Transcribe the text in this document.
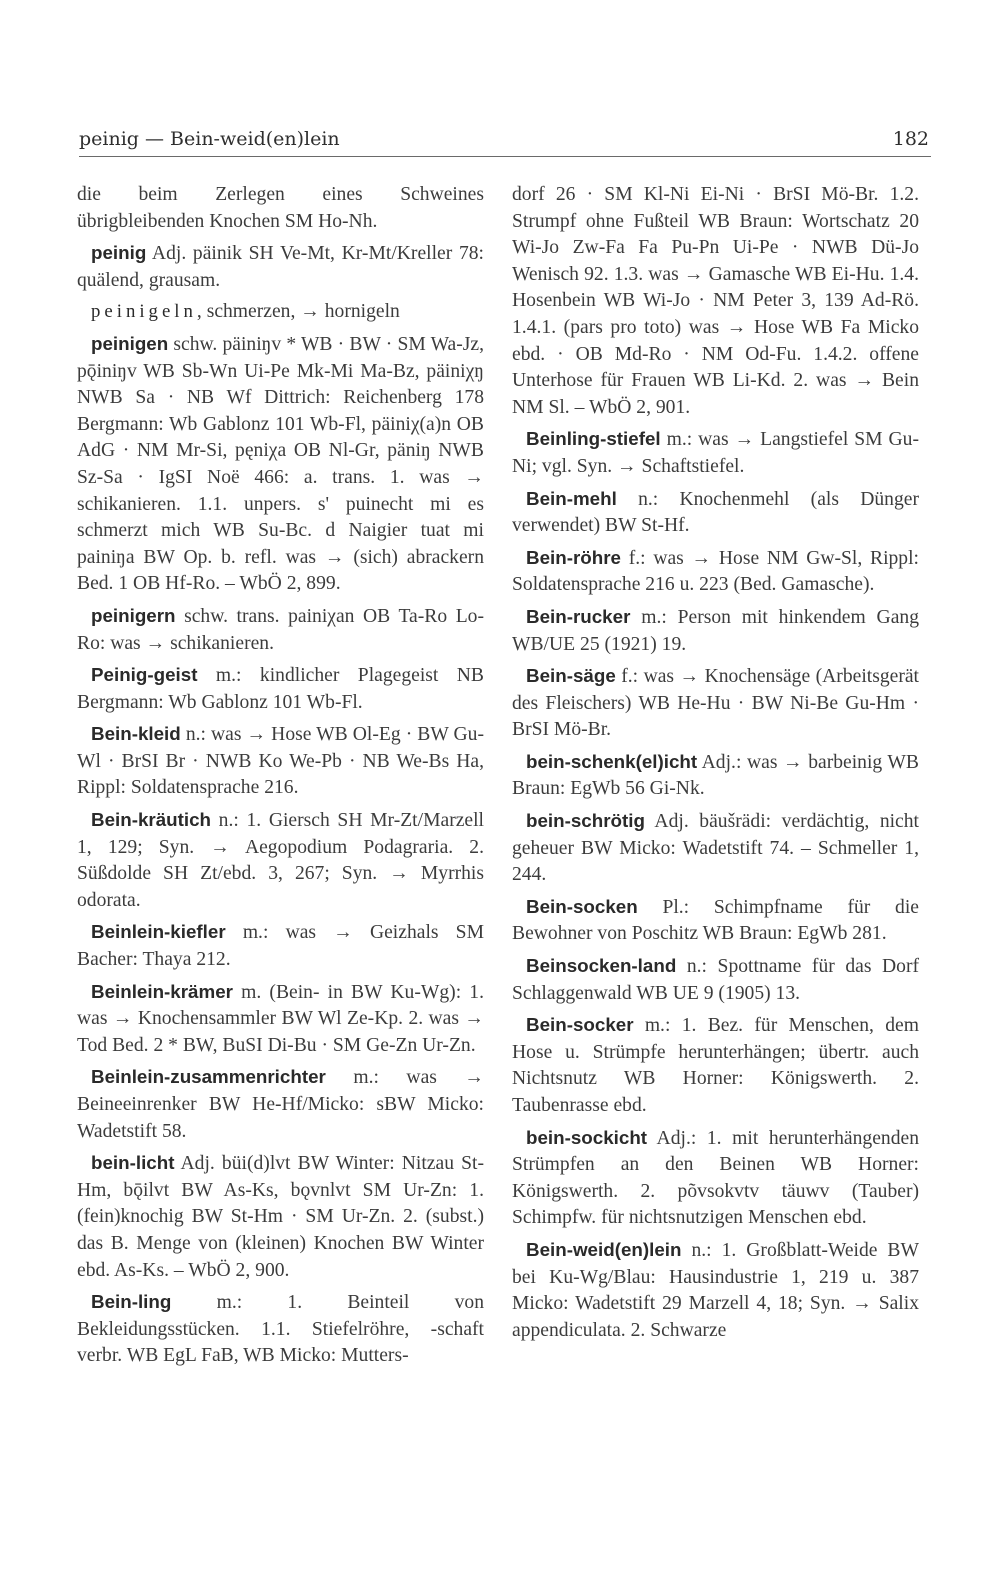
peinig — Bein-weid(en)lein	182

die beim Zerlegen eines Schweines übrigbleibenden Knochen SM Ho-Nh.

peinig Adj. päinik SH Ve-Mt, Kr-Mt/Kreller 78: quälend, grausam.

peinigeln, schmerzen, → hornigeln

peinigen schw. päiniŋv * WB · BW · SM Wa-Jz, pǭiniŋv WB Sb-Wn Ui-Pe Mk-Mi Ma-Bz, päiniχŋ NWB Sa · NB Wf Dittrich: Reichenberg 178 Bergmann: Wb Gablonz 101 Wb-Fl, päiniχ(a)n OB AdG · NM Mr-Si, pęniχa OB Nl-Gr, päniŋ NWB Sz-Sa · IgSI Noë 466: a. trans. 1. was → schikanieren. 1.1. unpers. s' puinecht mi es schmerzt mich WB Su-Bc. d Naigier tuat mi painiŋa BW Op. b. refl. was → (sich) abrackern Bed. 1 OB Hf-Ro. – WbÖ 2, 899.

peinigern schw. trans. painiχan OB Ta-Ro Lo-Ro: was → schikanieren.

Peinig-geist m.: kindlicher Plagegeist NB Bergmann: Wb Gablonz 101 Wb-Fl.

Bein-kleid n.: was → Hose WB Ol-Eg · BW Gu-Wl · BrSI Br · NWB Ko We-Pb · NB We-Bs Ha, Rippl: Soldatensprache 216.

Bein-kräutich n.: 1. Giersch SH Mr-Zt/Marzell 1, 129; Syn. → Aegopodium Podagraria. 2. Süßdolde SH Zt/ebd. 3, 267; Syn. → Myrrhis odorata.

Beinlein-kiefler m.: was → Geizhals SM Bacher: Thaya 212.

Beinlein-krämer m. (Bein- in BW Ku-Wg): 1. was → Knochensammler BW Wl Ze-Kp. 2. was → Tod Bed. 2 * BW, BuSI Di-Bu · SM Ge-Zn Ur-Zn.

Beinlein-zusammenrichter m.: was → Beineeinrenker BW He-Hf/Micko: sBW Micko: Wadetstift 58.

bein-licht Adj. büi(d)lvt BW Winter: Nitzau St-Hm, bǭilvt BW As-Ks, bǫvnlvt SM Ur-Zn: 1. (fein)knochig BW St-Hm · SM Ur-Zn. 2. (subst.) das B. Menge von (kleinen) Knochen BW Winter ebd. As-Ks. – WbÖ 2, 900.

Bein-ling m.: 1. Beinteil von Bekleidungsstücken. 1.1. Stiefelröhre, -schaft verbr. WB EgL FaB, WB Micko: Mutters-

dorf 26 · SM Kl-Ni Ei-Ni · BrSI Mö-Br. 1.2. Strumpf ohne Fußteil WB Braun: Wortschatz 20 Wi-Jo Zw-Fa Fa Pu-Pn Ui-Pe · NWB Dü-Jo Wenisch 92. 1.3. was → Gamasche WB Ei-Hu. 1.4. Hosenbein WB Wi-Jo · NM Peter 3, 139 Ad-Rö. 1.4.1. (pars pro toto) was → Hose WB Fa Micko ebd. · OB Md-Ro · NM Od-Fu. 1.4.2. offene Unterhose für Frauen WB Li-Kd. 2. was → Bein NM Sl. – WbÖ 2, 901.

Beinling-stiefel m.: was → Langstiefel SM Gu-Ni; vgl. Syn. → Schaftstiefel.

Bein-mehl n.: Knochenmehl (als Dünger verwendet) BW St-Hf.

Bein-röhre f.: was → Hose NM Gw-Sl, Rippl: Soldatensprache 216 u. 223 (Bed. Gamasche).

Bein-rucker m.: Person mit hinkendem Gang WB/UE 25 (1921) 19.

Bein-säge f.: was → Knochensäge (Arbeitsgerät des Fleischers) WB He-Hu · BW Ni-Be Gu-Hm · BrSI Mö-Br.

bein-schenk(el)icht Adj.: was → barbeinig WB Braun: EgWb 56 Gi-Nk.

bein-schrötig Adj. bäušrädi: verdächtig, nicht geheuer BW Micko: Wadetstift 74. – Schmeller 1, 244.

Bein-socken Pl.: Schimpfname für die Bewohner von Poschitz WB Braun: EgWb 281.

Beinsocken-land n.: Spottname für das Dorf Schlaggenwald WB UE 9 (1905) 13.

Bein-socker m.: 1. Bez. für Menschen, dem Hose u. Strümpfe herunterhängen; übertr. auch Nichtsnutz WB Horner: Königswerth. 2. Taubenrasse ebd.

bein-sockicht Adj.: 1. mit herunterhängenden Strümpfen an den Beinen WB Horner: Königswerth. 2. põvsokvtv täuwv (Tauber) Schimpfw. für nichtsnutzigen Menschen ebd.

Bein-weid(en)lein n.: 1. Großblatt-Weide BW bei Ku-Wg/Blau: Hausindustrie 1, 219 u. 387 Micko: Wadetstift 29 Marzell 4, 18; Syn. → Salix appendiculata. 2. Schwarze
